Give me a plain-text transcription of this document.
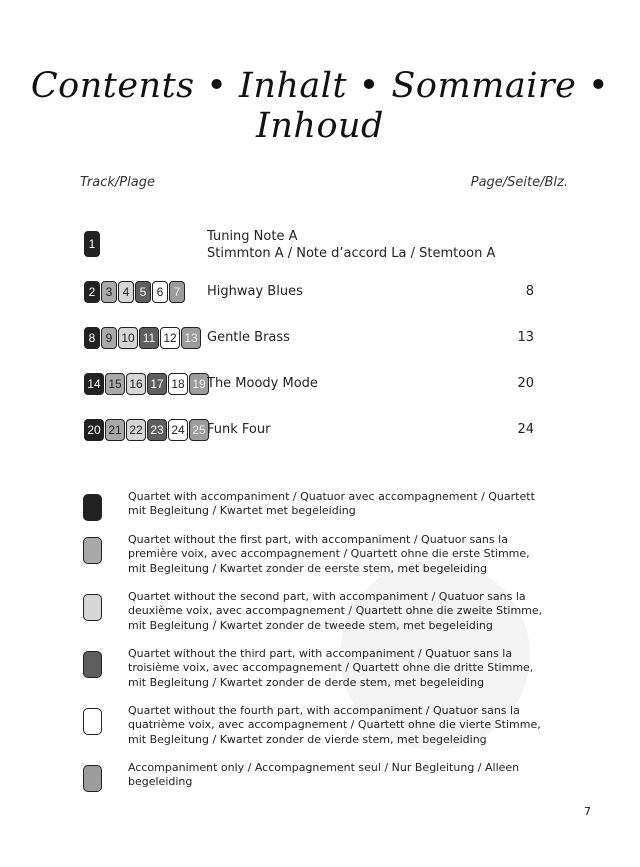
Contents • Inhalt • Sommaire • Inhoud
Track/Plage	Page/Seite/Blz.
1	Tuning Note A
Stimmton A / Note d’accord La / Stemtoon A
2 3 4 5 6 7	Highway Blues	8
8 9 10 11 12 13 Gentle Brass	13
14 15 16 17 18 19 The Moody Mode	20
20 21 22 23 24 25 Funk Four	24
Quartet with accompaniment / Quatuor avec accompagnement / Quartett mit Begleitung / Kwartet met begeleiding
Quartet without the first part, with accompaniment / Quatuor sans la première voix, avec accompagnement / Quartett ohne die erste Stimme, mit Begleitung / Kwartet zonder de eerste stem, met begeleiding
Quartet without the second part, with accompaniment / Quatuor sans la deuxième voix, avec accompagnement / Quartett ohne die zweite Stimme, mit Begleitung / Kwartet zonder de tweede stem, met begeleiding
Quartet without the third part, with accompaniment / Quatuor sans la troisième voix, avec accompagnement / Quartett ohne die dritte Stimme, mit Begleitung / Kwartet zonder de derde stem, met begeleiding
Quartet without the fourth part, with accompaniment / Quatuor sans la quatrième voix, avec accompagnement / Quartett ohne die vierte Stimme, mit Begleitung / Kwartet zonder de vierde stem, met begeleiding
Accompaniment only / Accompagnement seul / Nur Begleitung / Alleen begeleiding
7
